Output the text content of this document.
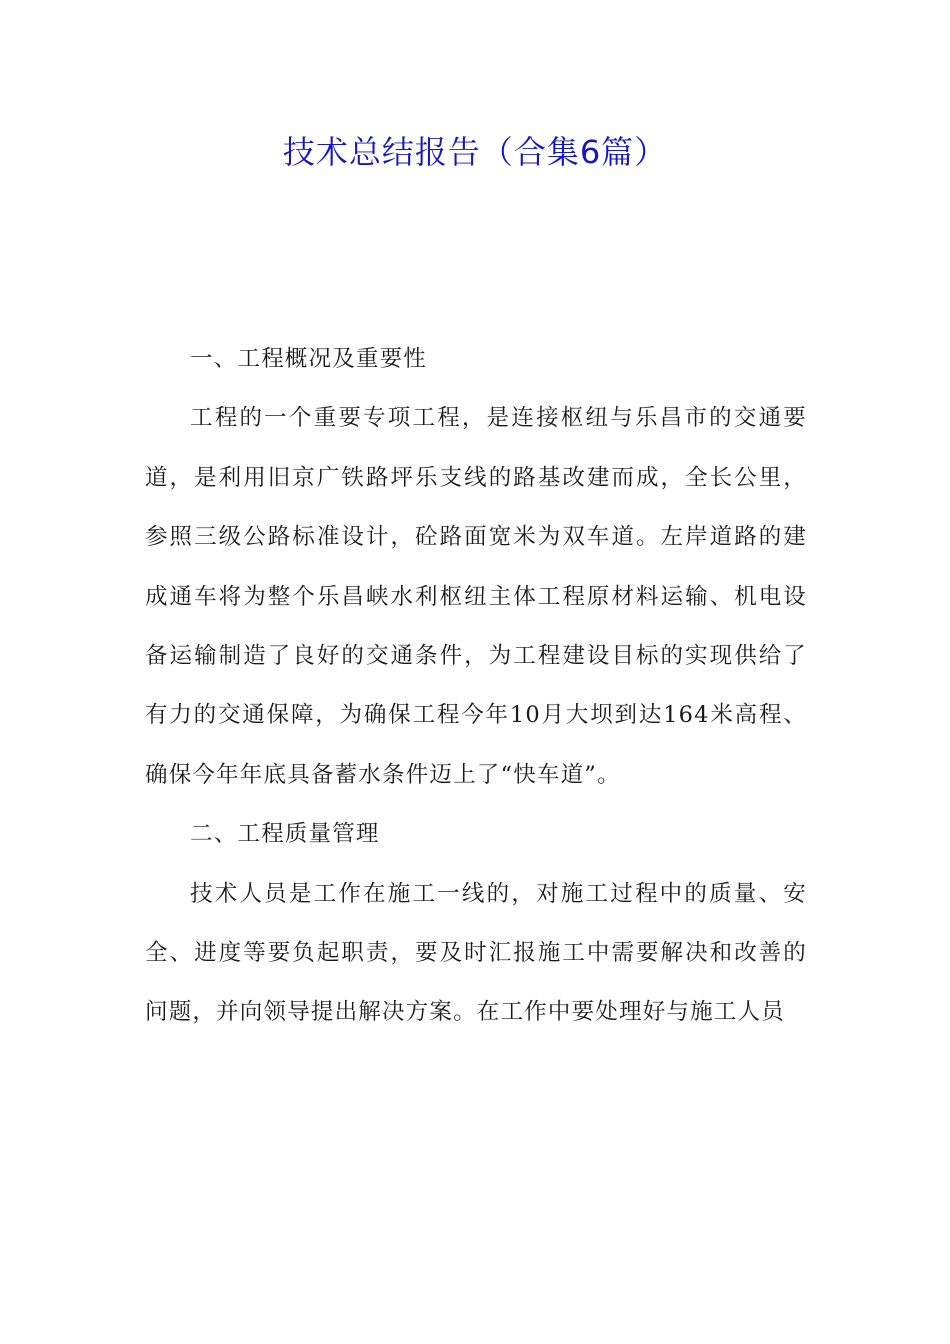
技术总结报告（合集6篇）

一、工程概况及重要性

工程的一个重要专项工程，是连接枢纽与乐昌市的交通要道，是利用旧京广铁路坪乐支线的路基改建而成，全长公里，参照三级公路标准设计，砼路面宽米为双车道。左岸道路的建成通车将为整个乐昌峡水利枢纽主体工程原材料运输、机电设备运输制造了良好的交通条件，为工程建设目标的实现供给了有力的交通保障，为确保工程今年10月大坝到达164米高程、确保今年年底具备蓄水条件迈上了“快车道”。

二、工程质量管理

技术人员是工作在施工一线的，对施工过程中的质量、安全、进度等要负起职责，要及时汇报施工中需要解决和改善的问题，并向领导提出解决方案。在工作中要处理好与施工人员
